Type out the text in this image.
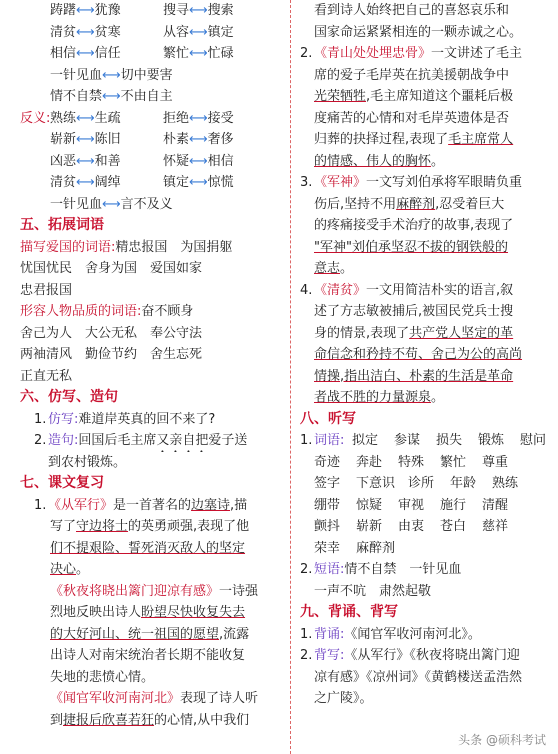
踌躇⟷犹豫	搜寻⟷搜索
清贫⟷贫寒	从容⟷镇定
相信⟷信任	繁忙⟷忙碌
一针见血⟷切中要害
情不自禁⟷不由自主
反义: 熟练⟷生疏	拒绝⟷接受
崭新⟷陈旧	朴素⟷奢侈
凶恶⟷和善	怀疑⟷相信
清贫⟷阔绰	镇定⟷惊慌
一针见血⟷言不及义
五、拓展词语
描写爱国的词语:精忠报国　为国捐躯
忧国忧民　舍身为国　爱国如家
忠君报国
形容人物品质的词语:奋不顾身
舍己为人　大公无私　奉公守法
两袖清风　勤俭节约　舍生忘死
正直无私
六、仿写、造句
1. 仿写:难道岸英真的回不来了?
2. 造句:回国后毛主席又亲自把爱子送
到农村锻炼。
七、课文复习
1. 《从军行》是一首著名的边塞诗,描
写了守边将士的英勇顽强,表现了他
们不提艰险、誓死消灭敌人的坚定
决心。
《秋夜将晓出篱门迎凉有感》一诗强
烈地反映出诗人盼望尽快收复失去
的大好河山、统一祖国的愿望,流露
出诗人对南宋统治者长期不能收复
失地的悲愤心情。
《闻官军收河南河北》表现了诗人听
到捷报后欣喜若狂的心情,从中我们
看到诗人始终把自己的喜怒哀乐和
国家命运紧紧相连的一颗赤诚之心。
2. 《青山处处埋忠骨》一文讲述了毛主
席的爱子毛岸英在抗美援朝战争中
光荣牺牲,毛主席知道这个噩耗后极
度痛苦的心情和对毛岸英遗体是否
归葬的抉择过程,表现了毛主席常人
的情感、伟人的胸怀。
3. 《军神》一文写刘伯承将军眼睛负重
伤后,坚持不用麻醉剂,忍受着巨大
的疼痛接受手术治疗的故事,表现了
"军神"刘伯承坚忍不拔的钢铁般的
意志。
4. 《清贫》一文用简洁朴实的语言,叙
述了方志敏被捕后,被国民党兵士搜
身的情景,表现了共产党人坚定的革
命信念和矜持不苟、舍己为公的高尚
情操,指出洁白、朴素的生活是革命
者战不胜的力量源泉。
八、听写
1. 词语: 拟定 参谋 损失 锻炼 慰问
奇迹 奔赴 特殊 繁忙 尊重
签字 下意识 诊所 年龄 熟练
绷带 惊疑 审视 施行 清醒
颤抖 崭新 由衷 苍白 慈祥
荣幸 麻醉剂
2. 短语:情不自禁　一针见血
一声不吭　肃然起敬
九、背诵、背写
1. 背诵:《闻官军收河南河北》。
2. 背写:《从军行》《秋夜将晓出篱门迎
凉有感》《凉州词》《黄鹤楼送孟浩然
之广陵》。
头条 @硕科考试
